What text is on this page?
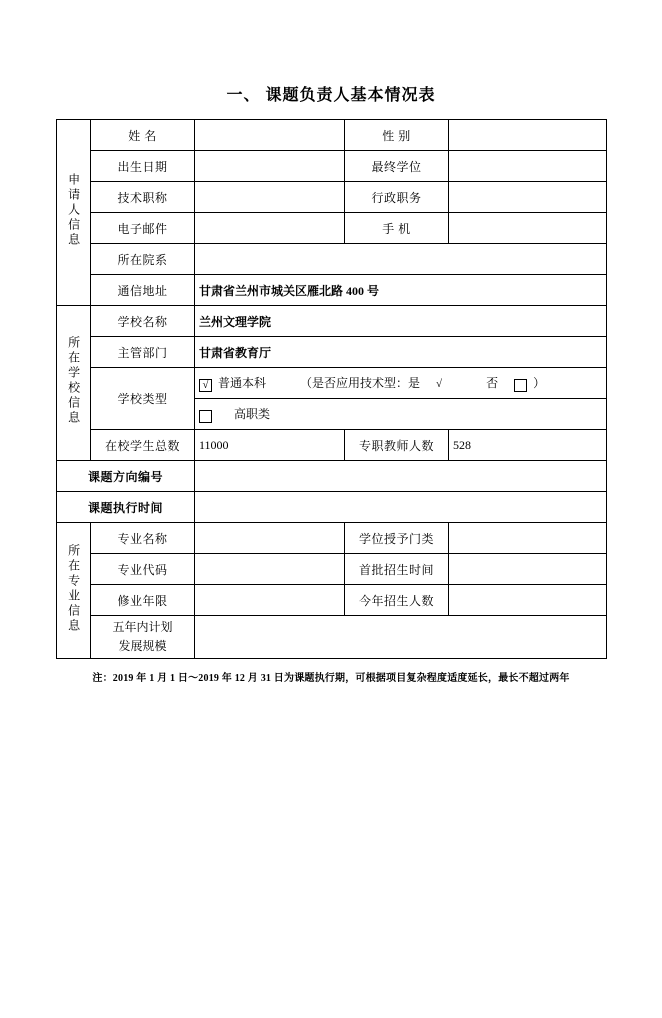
一、 课题负责人基本情况表
申请人信息	姓 名		性 别	
	出生日期		最终学位	
	技术职称		行政职务	
	电子邮件		手 机	
	所在院系			
	通信地址	甘肃省兰州市城关区雁北路 400 号		
所在学校信息	学校名称	兰州文理学院		
	主管部门	甘肃省教育厅		
	学校类型	√ 普通本科 （是否应用技术型：是 √ 否 ）		
		高职类		
	在校学生总数	11000	专职教师人数	528
课题方向编号				
课题执行时间				
所在专业信息	专业名称		学位授予门类	
	专业代码		首批招生时间	
	修业年限		今年招生人数	
	五年内计划
发展规模			
注：2019 年 1 月 1 日～2019 年 12 月 31 日为课题执行期，可根据项目复杂程度适度延长，最长不超过两年
